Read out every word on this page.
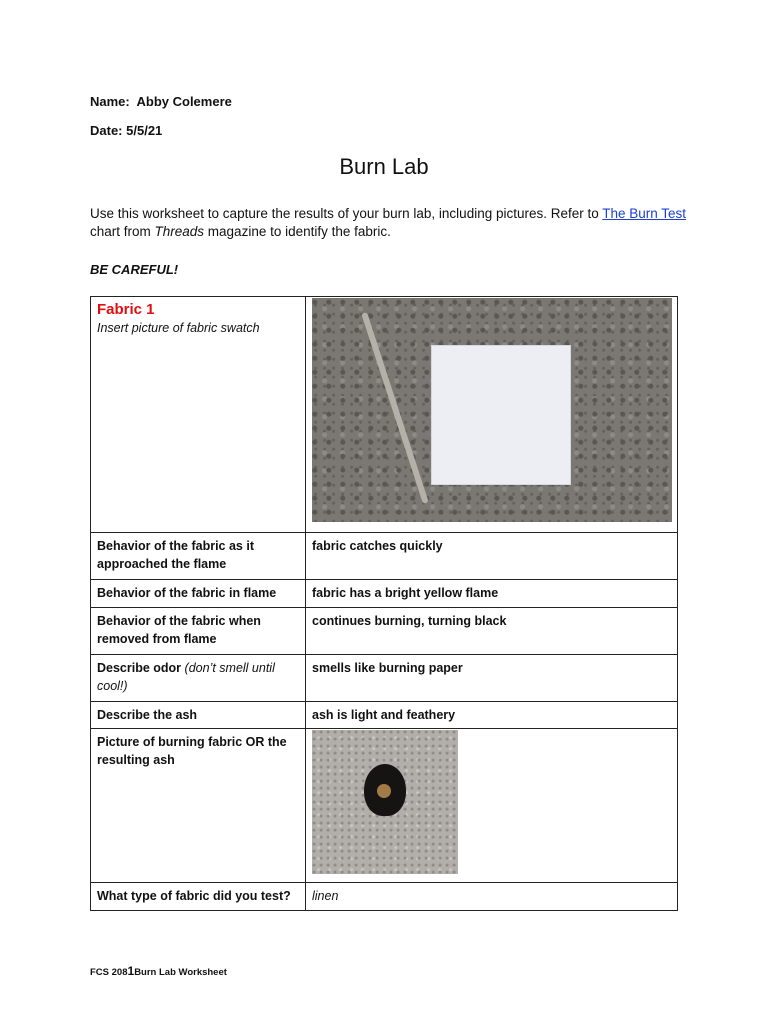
Name: Abby Colemere
Date: 5/5/21
Burn Lab
Use this worksheet to capture the results of your burn lab, including pictures. Refer to The Burn Test chart from Threads magazine to identify the fabric.
BE CAREFUL!
Fabric 1
Insert picture of fabric swatch	

Behavior of the fabric as it approached the flame	fabric catches quickly
Behavior of the fabric in flame	fabric has a bright yellow flame
Behavior of the fabric when removed from flame	continues burning, turning black
Describe odor (don’t smell until cool!)	smells like burning paper
Describe the ash	ash is light and feathery
Picture of burning fabric OR the resulting ash	

What type of fabric did you test?	linen
FCS 2081Burn Lab Worksheet
